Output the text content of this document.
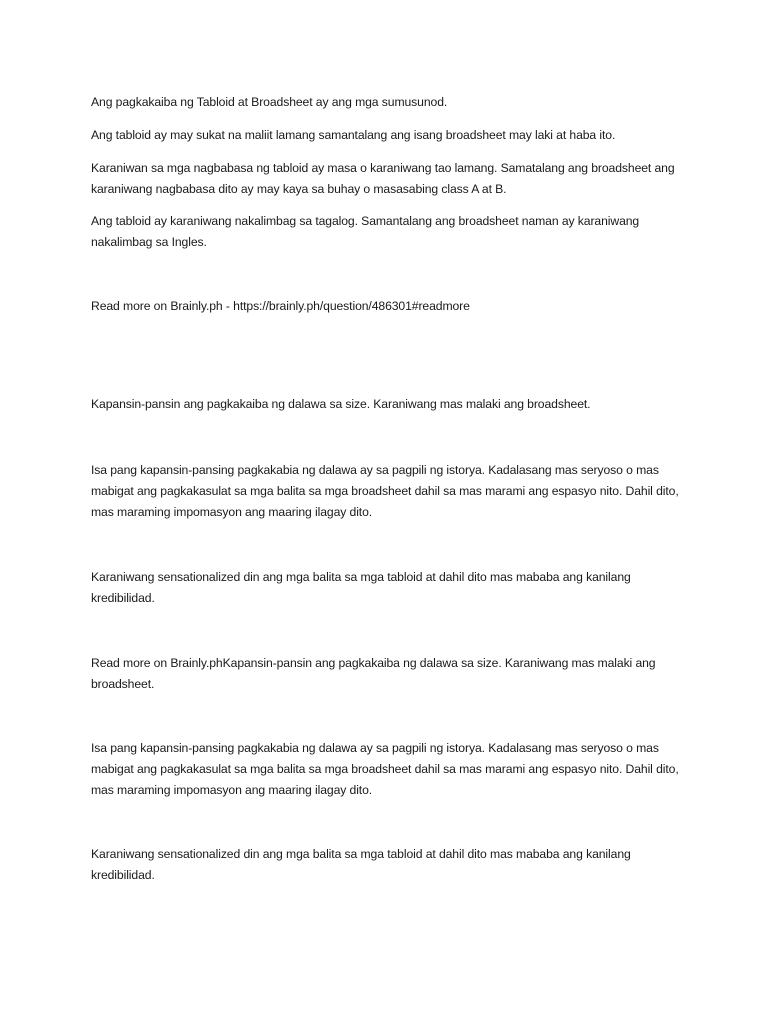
Ang pagkakaiba ng Tabloid at Broadsheet ay ang mga sumusunod.

Ang tabloid ay may sukat na maliit lamang samantalang ang isang broadsheet may laki at haba ito.

Karaniwan sa mga nagbabasa ng tabloid ay masa o karaniwang tao lamang. Samatalang ang broadsheet ang karaniwang nagbabasa dito ay may kaya sa buhay o masasabing class A at B.

Ang tabloid ay karaniwang nakalimbag sa tagalog. Samantalang ang broadsheet naman ay karaniwang nakalimbag sa Ingles.

Read more on Brainly.ph - https://brainly.ph/question/486301#readmore

Kapansin-pansin ang pagkakaiba ng dalawa sa size. Karaniwang mas malaki ang broadsheet.

Isa pang kapansin-pansing pagkakabia ng dalawa ay sa pagpili ng istorya. Kadalasang mas seryoso o mas mabigat ang pagkakasulat sa mga balita sa mga broadsheet dahil sa mas marami ang espasyo nito. Dahil dito, mas maraming impomasyon ang maaring ilagay dito.

Karaniwang sensationalized din ang mga balita sa mga tabloid at dahil dito mas mababa ang kanilang kredibilidad.

Read more on Brainly.phKapansin-pansin ang pagkakaiba ng dalawa sa size. Karaniwang mas malaki ang broadsheet.

Isa pang kapansin-pansing pagkakabia ng dalawa ay sa pagpili ng istorya. Kadalasang mas seryoso o mas mabigat ang pagkakasulat sa mga balita sa mga broadsheet dahil sa mas marami ang espasyo nito. Dahil dito, mas maraming impomasyon ang maaring ilagay dito.

Karaniwang sensationalized din ang mga balita sa mga tabloid at dahil dito mas mababa ang kanilang kredibilidad.
